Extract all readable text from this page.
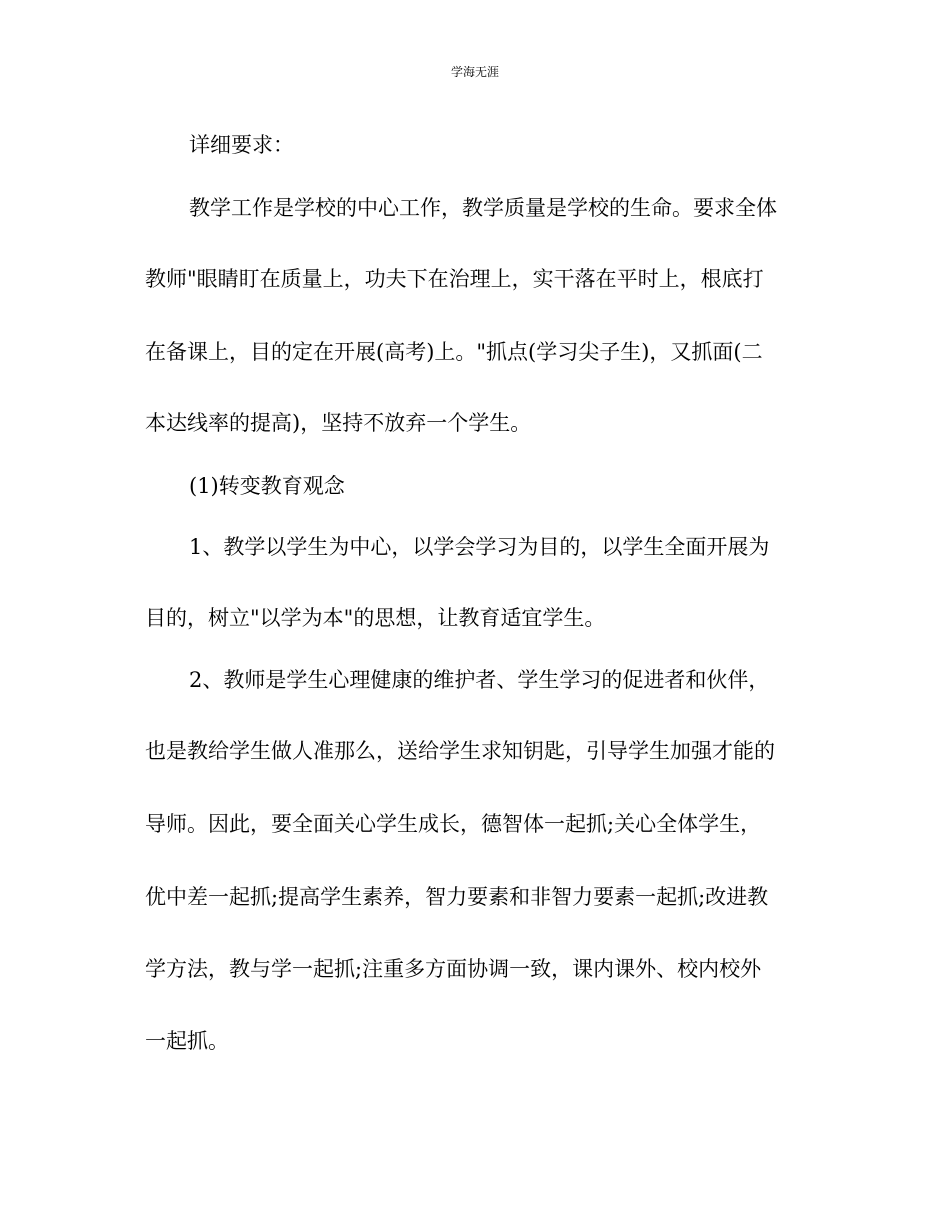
学海无涯
详细要求：
教学工作是学校的中心工作，教学质量是学校的生命。要求全体
教师"眼睛盯在质量上，功夫下在治理上，实干落在平时上，根底打
在备课上，目的定在开展(高考)上。"抓点(学习尖子生)，又抓面(二
本达线率的提高)，坚持不放弃一个学生。
(1)转变教育观念
1、教学以学生为中心，以学会学习为目的，以学生全面开展为
目的，树立"以学为本"的思想，让教育适宜学生。
2、教师是学生心理健康的维护者、学生学习的促进者和伙伴，
也是教给学生做人准那么，送给学生求知钥匙，引导学生加强才能的
导师。因此，要全面关心学生成长，德智体一起抓;关心全体学生，
优中差一起抓;提高学生素养，智力要素和非智力要素一起抓;改进教
学方法，教与学一起抓;注重多方面协调一致，课内课外、校内校外
一起抓。
